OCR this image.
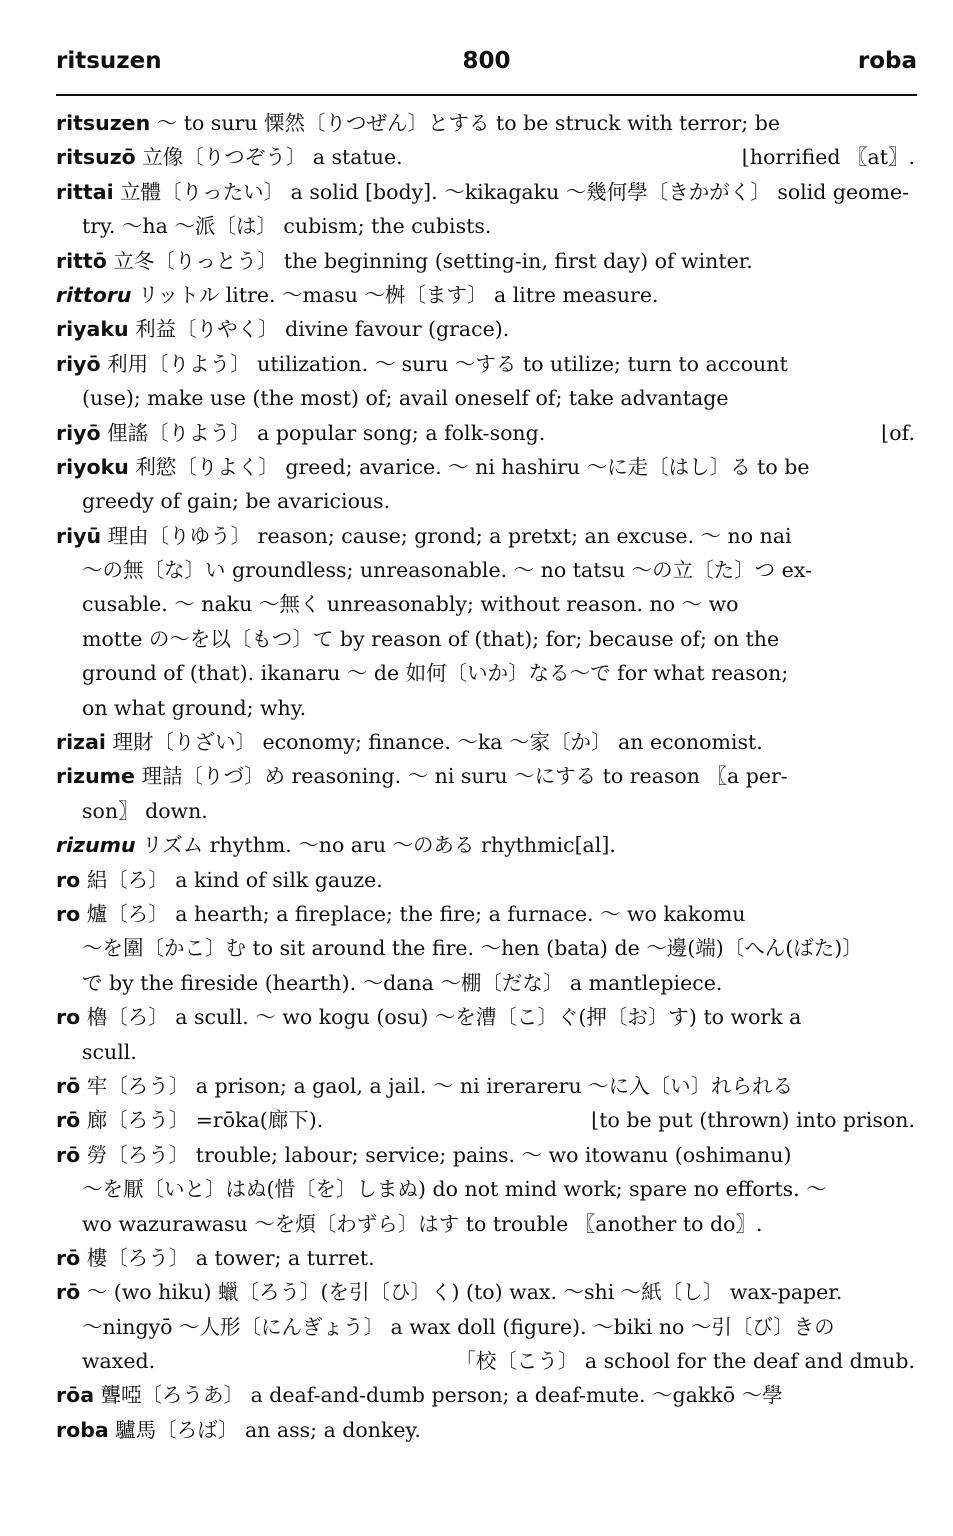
ritsuzen	800	roba
ritsuzen ～ to suru 慄然〔りつぜん〕とする to be struck with terror; be
ritsuzō 立像〔りつぞう〕 a statue.	⌊horrified 〖at〗.
rittai 立體〔りったい〕 a solid [body]. ～kikagaku ～幾何學〔きかがく〕 solid geome-
try. ～ha ～派〔は〕 cubism; the cubists.
rittō 立冬〔りっとう〕 the beginning (setting-in, first day) of winter.
rittoru リットル litre. ～masu ～桝〔ます〕 a litre measure.
riyaku 利益〔りやく〕 divine favour (grace).
riyō 利用〔りよう〕 utilization. ～ suru ～する to utilize; turn to account
(use); make use (the most) of; avail oneself of; take advantage
riyō 俚謠〔りよう〕 a popular song; a folk-song.	⌊of.
riyoku 利慾〔りよく〕 greed; avarice. ～ ni hashiru ～に走〔はし〕る to be
greedy of gain; be avaricious.
riyū 理由〔りゆう〕 reason; cause; grond; a pretxt; an excuse. ～ no nai
～の無〔な〕い groundless; unreasonable. ～ no tatsu ～の立〔た〕つ ex-
cusable. ～ naku ～無く unreasonably; without reason. no ～ wo
motte の～を以〔もつ〕て by reason of (that); for; because of; on the
ground of (that). ikanaru ～ de 如何〔いか〕なる～で for what reason;
on what ground; why.
rizai 理財〔りざい〕 economy; finance. ～ka ～家〔か〕 an economist.
rizume 理詰〔りづ〕め reasoning. ～ ni suru ～にする to reason 〖a per-
son〗 down.
rizumu リズム rhythm. ～no aru ～のある rhythmic[al].
ro 絽〔ろ〕 a kind of silk gauze.
ro 爐〔ろ〕 a hearth; a fireplace; the fire; a furnace. ～ wo kakomu
～を圍〔かこ〕む to sit around the fire. ～hen (bata) de ～邊(端)〔へん(ばた)〕
で by the fireside (hearth). ～dana ～棚〔だな〕 a mantlepiece.
ro 櫓〔ろ〕 a scull. ～ wo kogu (osu) ～を漕〔こ〕ぐ(押〔お〕す) to work a
scull.
rō 牢〔ろう〕 a prison; a gaol, a jail. ～ ni irerareru ～に入〔い〕れられる
rō 廊〔ろう〕 =rōka(廊下).	⌊to be put (thrown) into prison.
rō 勞〔ろう〕 trouble; labour; service; pains. ～ wo itowanu (oshimanu)
～を厭〔いと〕はぬ(惜〔を〕しまぬ) do not mind work; spare no efforts. ～
wo wazurawasu ～を煩〔わずら〕はす to trouble 〖another to do〗.
rō 樓〔ろう〕 a tower; a turret.
rō ～ (wo hiku) 蠟〔ろう〕(を引〔ひ〕く) (to) wax. ～shi ～紙〔し〕 wax-paper.
～ningyō ～人形〔にんぎょう〕 a wax doll (figure). ～biki no ～引〔び〕きの
waxed.	「校〔こう〕 a school for the deaf and dmub.
rōa 聾啞〔ろうあ〕 a deaf-and-dumb person; a deaf-mute. ～gakkō ～學
roba 驢馬〔ろば〕 an ass; a donkey.
